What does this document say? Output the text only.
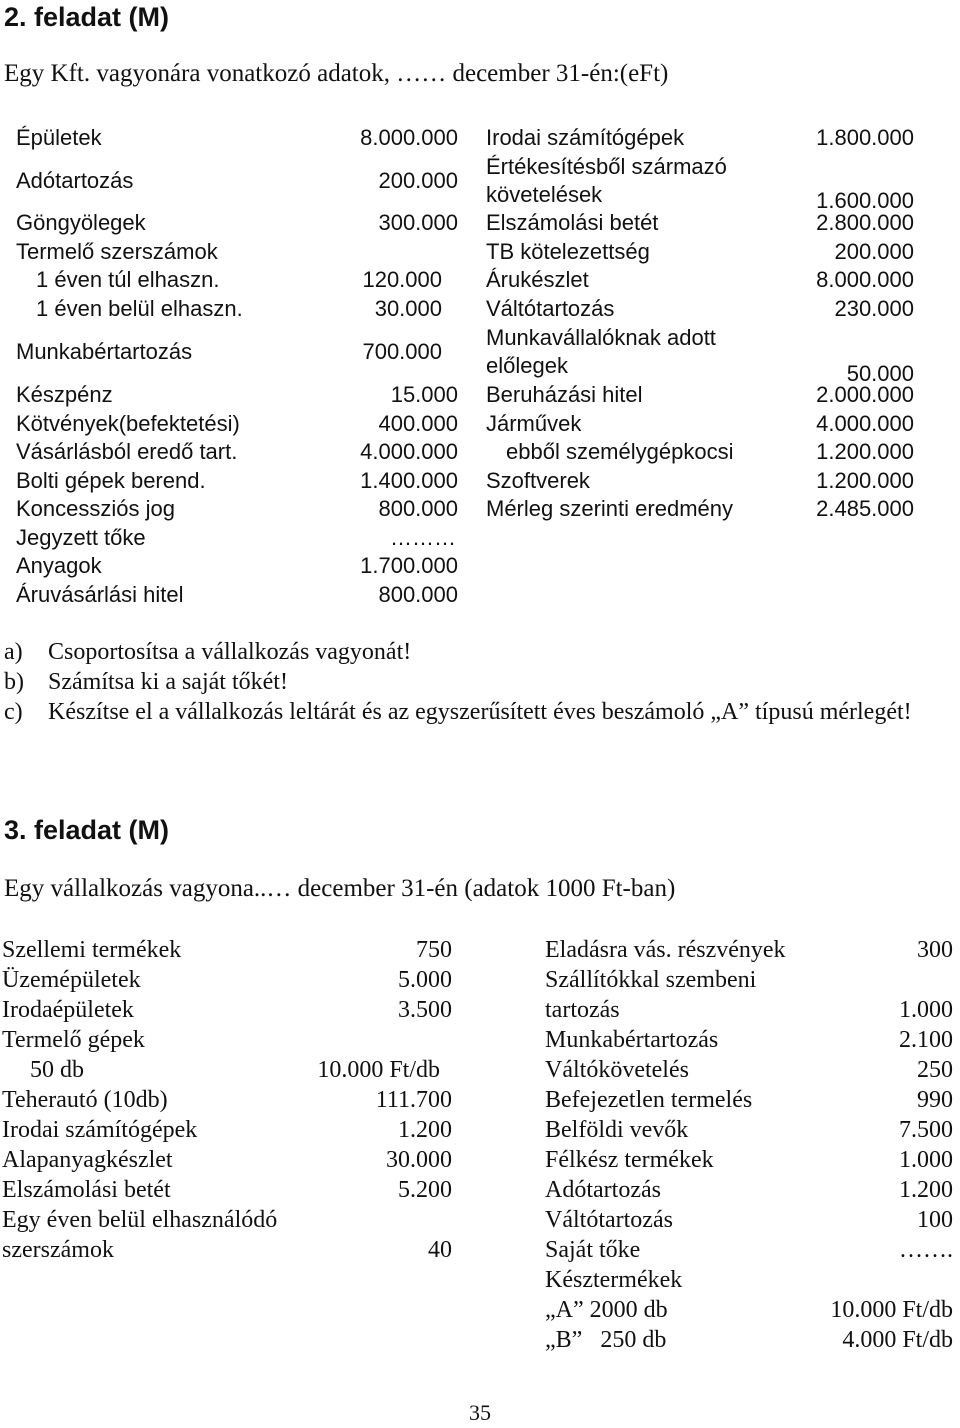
2. feladat (M)
Egy Kft. vagyonára vonatkozó adatok, …… december 31-én:(eFt)
Épületek	8.000.000
Adótartozás	200.000
Göngyölegek	300.000
Termelő szerszámok
1 éven túl elhaszn.	120.000
1 éven belül elhaszn.	30.000
Munkabértartozás	700.000
Készpénz	15.000
Kötvények(befektetési)	400.000
Vásárlásból eredő tart.	4.000.000
Bolti gépek berend.	1.400.000
Koncessziós jog	800.000
Jegyzett tőke	………
Anyagok	1.700.000
Áruvásárlási hitel	800.000
Irodai számítógépek	1.800.000
Értékesítésből származó
követelések	1.600.000
Elszámolási betét	2.800.000
TB kötelezettség	200.000
Árukészlet	8.000.000
Váltótartozás	230.000
Munkavállalóknak adott
előlegek	50.000
Beruházási hitel	2.000.000
Járművek	4.000.000
ebből személygépkocsi	1.200.000
Szoftverek	1.200.000
Mérleg szerinti eredmény	2.485.000
a) Csoportosítsa a vállalkozás vagyonát!
b) Számítsa ki a saját tőkét!
c) Készítse el a vállalkozás leltárát és az egyszerűsített éves beszámoló „A” típusú mérlegét!
3. feladat (M)
Egy vállalkozás vagyona..… december 31-én (adatok 1000 Ft-ban)
Szellemi termékek	750
Üzemépületek	5.000
Irodaépületek	3.500
Termelő gépek
50 db	10.000 Ft/db
Teherautó (10db)	111.700
Irodai számítógépek	1.200
Alapanyagkészlet	30.000
Elszámolási betét	5.200
Egy éven belül elhasználódó
szerszámok	40
Eladásra vás. részvények	300
Szállítókkal szembeni
tartozás	1.000
Munkabértartozás	2.100
Váltókövetelés	250
Befejezetlen termelés	990
Belföldi vevők	7.500
Félkész termékek	1.000
Adótartozás	1.200
Váltótartozás	100
Saját tőke	…….
Késztermékek
„A” 2000 db	10.000 Ft/db
„B”   250 db	4.000 Ft/db
35
